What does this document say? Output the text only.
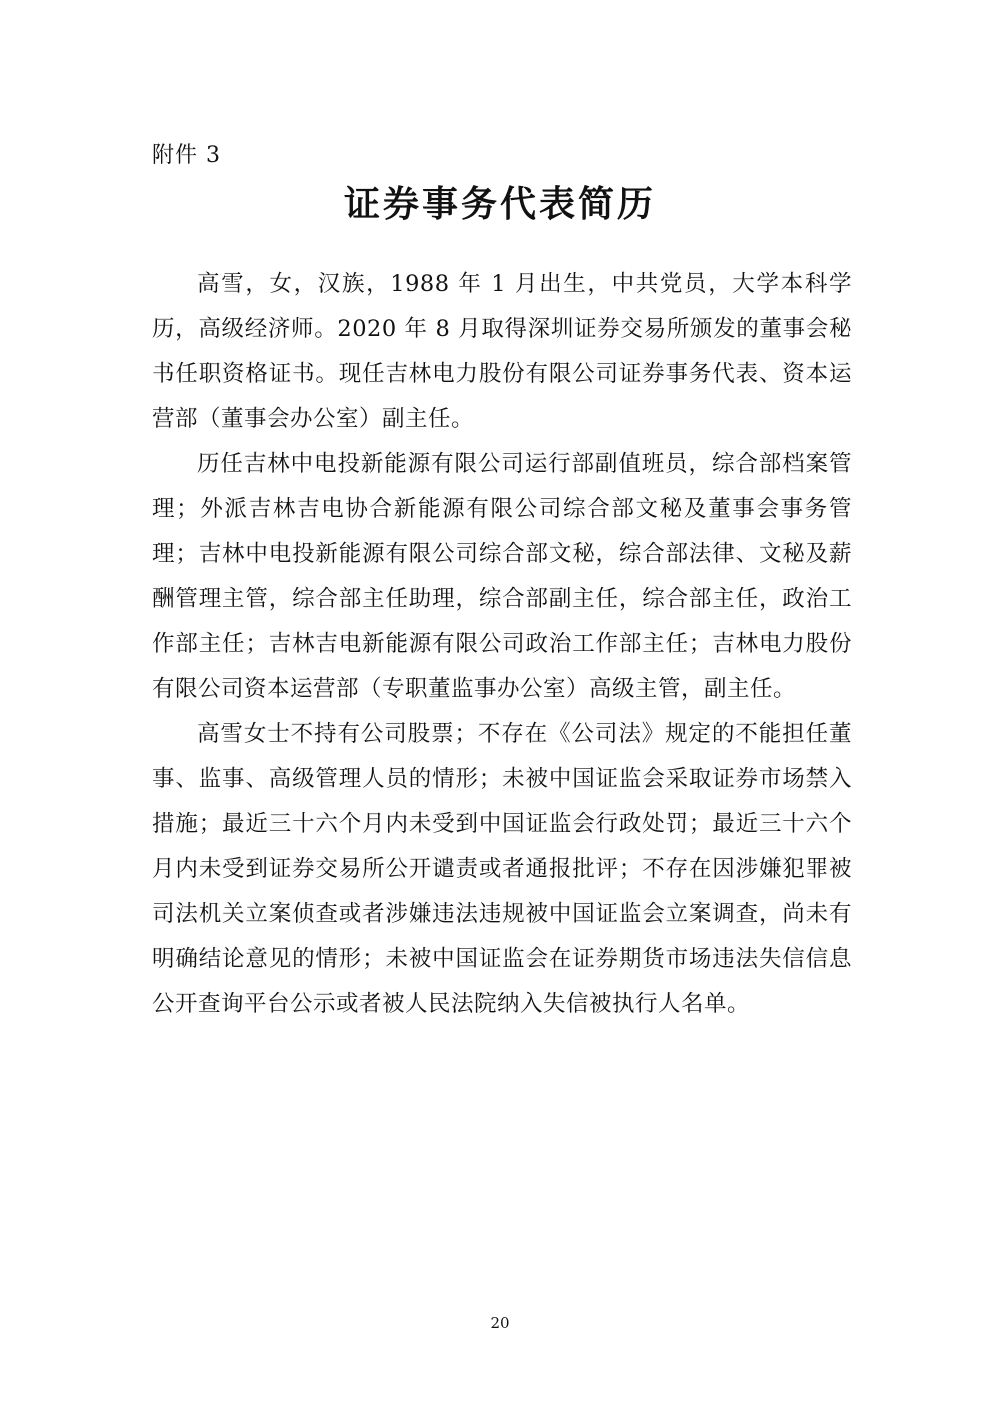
附件 3
证券事务代表简历

高雪，女，汉族，1988 年 1 月出生，中共党员，大学本科学历，高级经济师。2020 年 8 月取得深圳证券交易所颁发的董事会秘书任职资格证书。现任吉林电力股份有限公司证券事务代表、资本运营部（董事会办公室）副主任。

历任吉林中电投新能源有限公司运行部副值班员，综合部档案管理；外派吉林吉电协合新能源有限公司综合部文秘及董事会事务管理；吉林中电投新能源有限公司综合部文秘，综合部法律、文秘及薪酬管理主管，综合部主任助理，综合部副主任，综合部主任，政治工作部主任；吉林吉电新能源有限公司政治工作部主任；吉林电力股份有限公司资本运营部（专职董监事办公室）高级主管，副主任。

高雪女士不持有公司股票；不存在《公司法》规定的不能担任董事、监事、高级管理人员的情形；未被中国证监会采取证券市场禁入措施；最近三十六个月内未受到中国证监会行政处罚；最近三十六个月内未受到证券交易所公开谴责或者通报批评；不存在因涉嫌犯罪被司法机关立案侦查或者涉嫌违法违规被中国证监会立案调查，尚未有明确结论意见的情形；未被中国证监会在证券期货市场违法失信信息公开查询平台公示或者被人民法院纳入失信被执行人名单。

20
